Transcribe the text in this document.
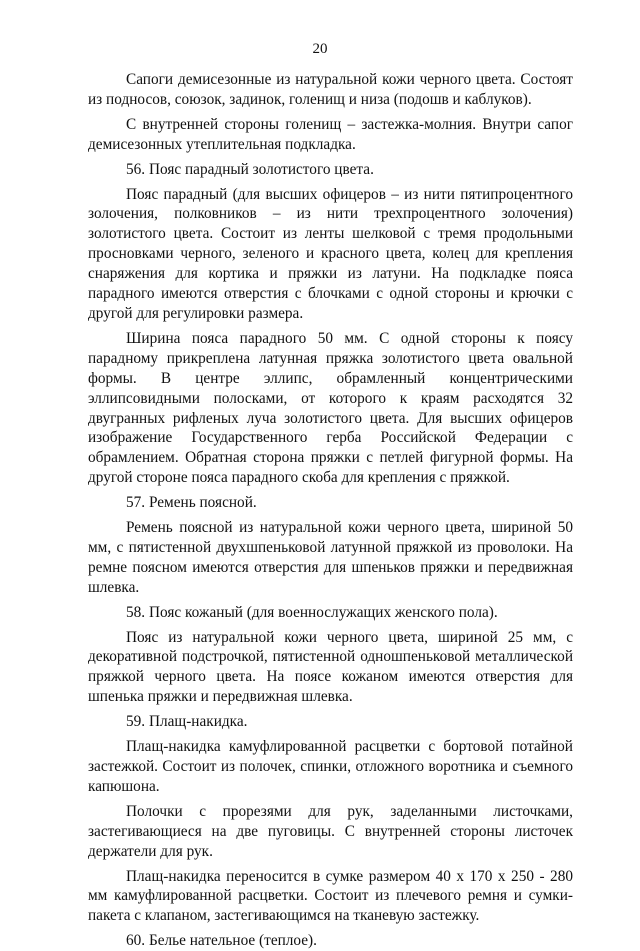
20

Сапоги демисезонные из натуральной кожи черного цвета. Состоят из подносов, союзок, задинок, голенищ и низа (подошв и каблуков).

С внутренней стороны голенищ – застежка-молния. Внутри сапог демисезонных утеплительная подкладка.

56. Пояс парадный золотистого цвета.

Пояс парадный (для высших офицеров – из нити пятипроцентного золочения, полковников – из нити трехпроцентного золочения) золотистого цвета. Состоит из ленты шелковой с тремя продольными просновками черного, зеленого и красного цвета, колец для крепления снаряжения для кортика и пряжки из латуни. На подкладке пояса парадного имеются отверстия с блочками с одной стороны и крючки с другой для регулировки размера.

Ширина пояса парадного 50 мм. С одной стороны к поясу парадному прикреплена латунная пряжка золотистого цвета овальной формы. В центре эллипс, обрамленный концентрическими эллипсовидными полосками, от которого к краям расходятся 32 двугранных рифленых луча золотистого цвета. Для высших офицеров изображение Государственного герба Российской Федерации с обрамлением. Обратная сторона пряжки с петлей фигурной формы. На другой стороне пояса парадного скоба для крепления с пряжкой.

57. Ремень поясной.

Ремень поясной из натуральной кожи черного цвета, шириной 50 мм, с пятистенной двухшпеньковой латунной пряжкой из проволоки. На ремне поясном имеются отверстия для шпеньков пряжки и передвижная шлевка.

58. Пояс кожаный (для военнослужащих женского пола).

Пояс из натуральной кожи черного цвета, шириной 25 мм, с декоративной подстрочкой, пятистенной одношпеньковой металлической пряжкой черного цвета. На поясе кожаном имеются отверстия для шпенька пряжки и передвижная шлевка.

59. Плащ-накидка.

Плащ-накидка камуфлированной расцветки с бортовой потайной застежкой. Состоит из полочек, спинки, отложного воротника и съемного капюшона.

Полочки с прорезями для рук, заделанными листочками, застегивающиеся на две пуговицы. С внутренней стороны листочек держатели для рук.

Плащ-накидка переносится в сумке размером 40 х 170 х 250 - 280 мм камуфлированной расцветки. Состоит из плечевого ремня и сумки-пакета с клапаном, застегивающимся на тканевую застежку.

60. Белье нательное (теплое).
